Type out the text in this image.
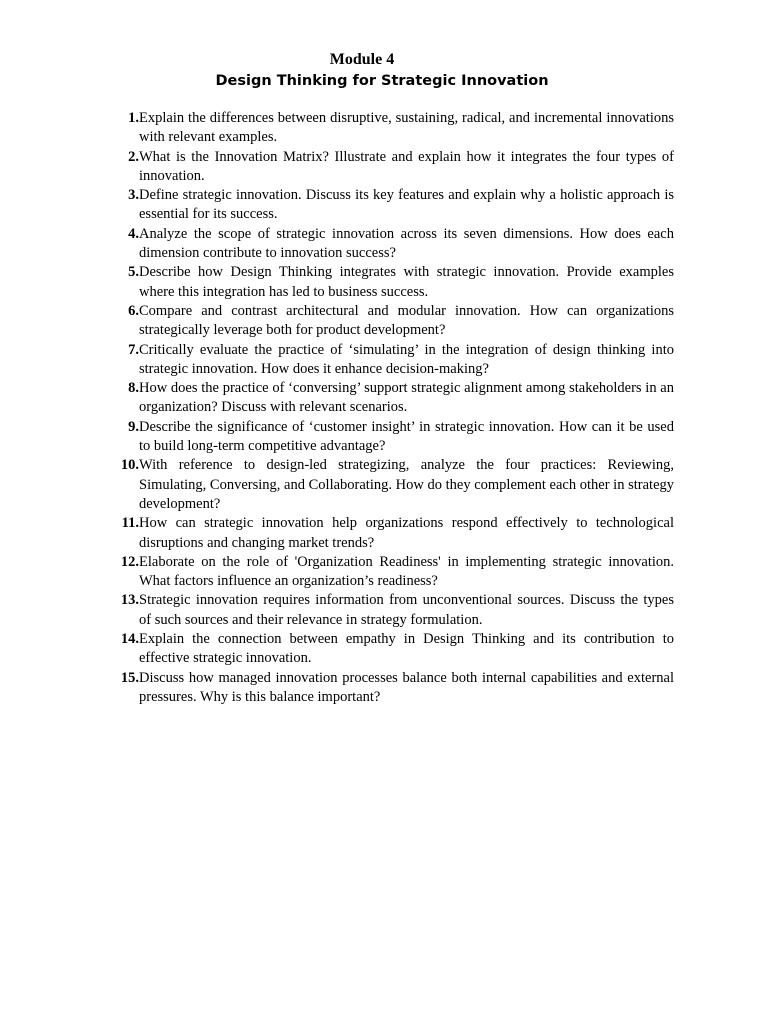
Module 4
Design Thinking for Strategic Innovation
1. Explain the differences between disruptive, sustaining, radical, and incremental innovations with relevant examples.
2. What is the Innovation Matrix? Illustrate and explain how it integrates the four types of innovation.
3. Define strategic innovation. Discuss its key features and explain why a holistic approach is essential for its success.
4. Analyze the scope of strategic innovation across its seven dimensions. How does each dimension contribute to innovation success?
5. Describe how Design Thinking integrates with strategic innovation. Provide examples where this integration has led to business success.
6. Compare and contrast architectural and modular innovation. How can organizations strategically leverage both for product development?
7. Critically evaluate the practice of ‘simulating’ in the integration of design thinking into strategic innovation. How does it enhance decision-making?
8. How does the practice of ‘conversing’ support strategic alignment among stakeholders in an organization? Discuss with relevant scenarios.
9. Describe the significance of ‘customer insight’ in strategic innovation. How can it be used to build long-term competitive advantage?
10. With reference to design-led strategizing, analyze the four practices: Reviewing, Simulating, Conversing, and Collaborating. How do they complement each other in strategy development?
11. How can strategic innovation help organizations respond effectively to technological disruptions and changing market trends?
12. Elaborate on the role of 'Organization Readiness' in implementing strategic innovation. What factors influence an organization’s readiness?
13. Strategic innovation requires information from unconventional sources. Discuss the types of such sources and their relevance in strategy formulation.
14. Explain the connection between empathy in Design Thinking and its contribution to effective strategic innovation.
15. Discuss how managed innovation processes balance both internal capabilities and external pressures. Why is this balance important?
